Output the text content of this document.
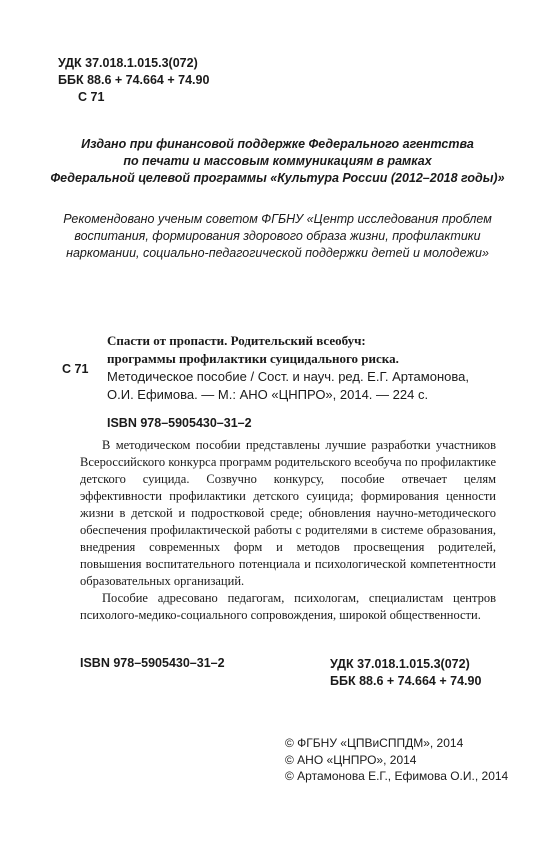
УДК 37.018.1.015.3(072)
ББК 88.6 + 74.664 + 74.90
С 71
Издано при финансовой поддержке Федерального агентства
по печати и массовым коммуникациям в рамках
Федеральной целевой программы «Культура России (2012–2018 годы)»
Рекомендовано ученым советом ФГБНУ «Центр исследования проблем
воспитания, формирования здорового образа жизни, профилактики
наркомании, социально-педагогической поддержки детей и молодежи»
С 71
Спасти от пропасти. Родительский всеобуч:
программы профилактики суицидального риска.
Методическое пособие / Сост. и науч. ред. Е.Г. Артамонова,
О.И. Ефимова. — М.: АНО «ЦНПРО», 2014. — 224 с.
ISBN 978–5905430–31–2

В методическом пособии представлены лучшие разработки участников Всероссийского конкурса программ родительского всеобуча по профилактике детского суицида. Созвучно конкурсу, пособие отвечает целям эффективности профилактики детского суицида; формирования ценности жизни в детской и подростковой среде; обновления научно-методического обеспечения профилактической работы с родителями в системе образования, внедрения современных форм и методов просвещения родителей, повышения воспитательного потенциала и психологической компетентности образовательных организаций.

Пособие адресовано педагогам, психологам, специалистам центров психолого-медико-социального сопровождения, широкой общественности.

ISBN 978–5905430–31–2	УДК 37.018.1.015.3(072)
ББК 88.6 + 74.664 + 74.90
© ФГБНУ «ЦПВиСППДМ», 2014
© АНО «ЦНПРО», 2014
© Артамонова Е.Г., Ефимова О.И., 2014
